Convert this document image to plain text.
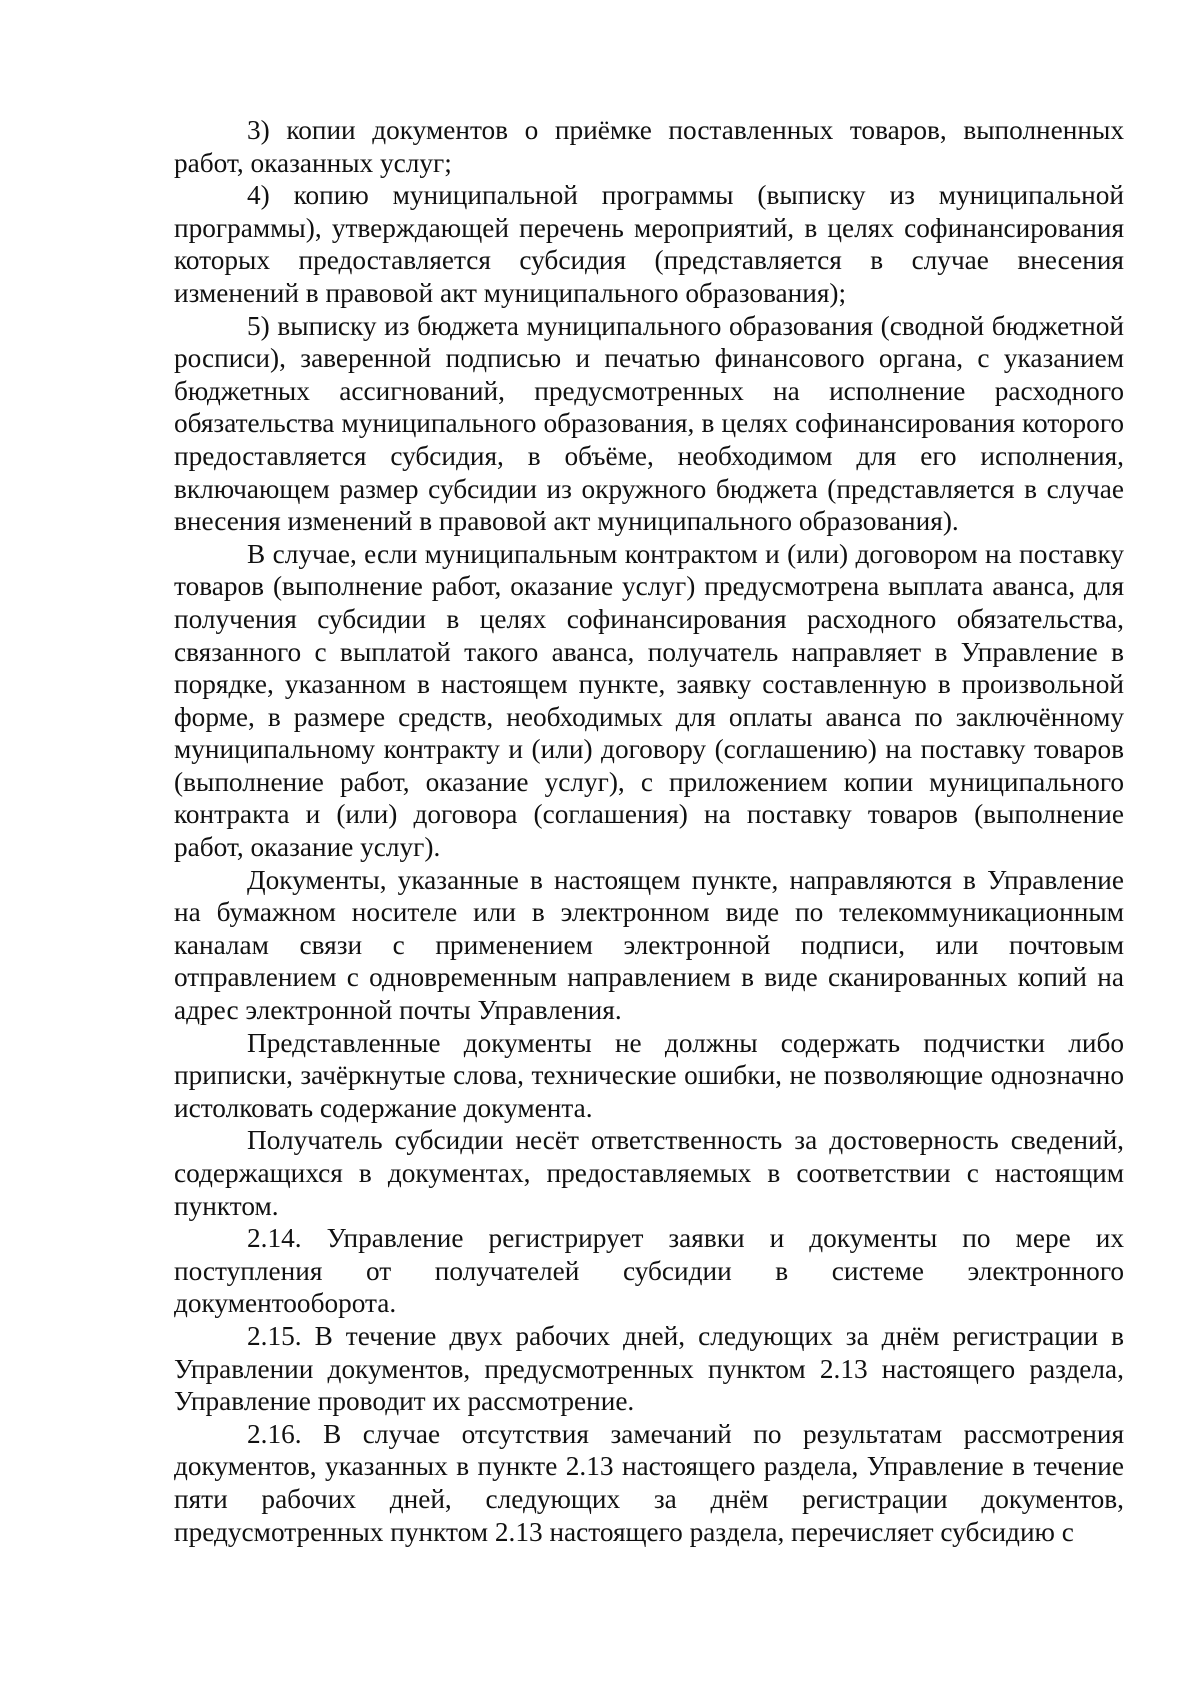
3) копии документов о приёмке поставленных товаров, выполненных работ, оказанных услуг;

4) копию муниципальной программы (выписку из муниципальной программы), утверждающей перечень мероприятий, в целях софинансирования которых предоставляется субсидия (представляется в случае внесения изменений в правовой акт муниципального образования);

5) выписку из бюджета муниципального образования (сводной бюджетной росписи), заверенной подписью и печатью финансового органа, с указанием бюджетных ассигнований, предусмотренных на исполнение расходного обязательства муниципального образования, в целях софинансирования которого предоставляется субсидия, в объёме, необходимом для его исполнения, включающем размер субсидии из окружного бюджета (представляется в случае внесения изменений в правовой акт муниципального образования).

В случае, если муниципальным контрактом и (или) договором на поставку товаров (выполнение работ, оказание услуг) предусмотрена выплата аванса, для получения субсидии в целях софинансирования расходного обязательства, связанного с выплатой такого аванса, получатель направляет в Управление в порядке, указанном в настоящем пункте, заявку составленную в произвольной форме, в размере средств, необходимых для оплаты аванса по заключённому муниципальному контракту и (или) договору (соглашению) на поставку товаров (выполнение работ, оказание услуг), с приложением копии муниципального контракта и (или) договора (соглашения) на поставку товаров (выполнение работ, оказание услуг).

Документы, указанные в настоящем пункте, направляются в Управление на бумажном носителе или в электронном виде по телекоммуникационным каналам связи с применением электронной подписи, или почтовым отправлением с одновременным направлением в виде сканированных копий на адрес электронной почты Управления.

Представленные документы не должны содержать подчистки либо приписки, зачёркнутые слова, технические ошибки, не позволяющие однозначно истолковать содержание документа.

Получатель субсидии несёт ответственность за достоверность сведений, содержащихся в документах, предоставляемых в соответствии с настоящим пунктом.

2.14. Управление регистрирует заявки и документы по мере их поступления от получателей субсидии в системе электронного документооборота.

2.15. В течение двух рабочих дней, следующих за днём регистрации в Управлении документов, предусмотренных пунктом 2.13 настоящего раздела, Управление проводит их рассмотрение.

2.16. В случае отсутствия замечаний по результатам рассмотрения документов, указанных в пункте 2.13 настоящего раздела, Управление в течение пяти рабочих дней, следующих за днём регистрации документов, предусмотренных пунктом 2.13 настоящего раздела, перечисляет субсидию с
